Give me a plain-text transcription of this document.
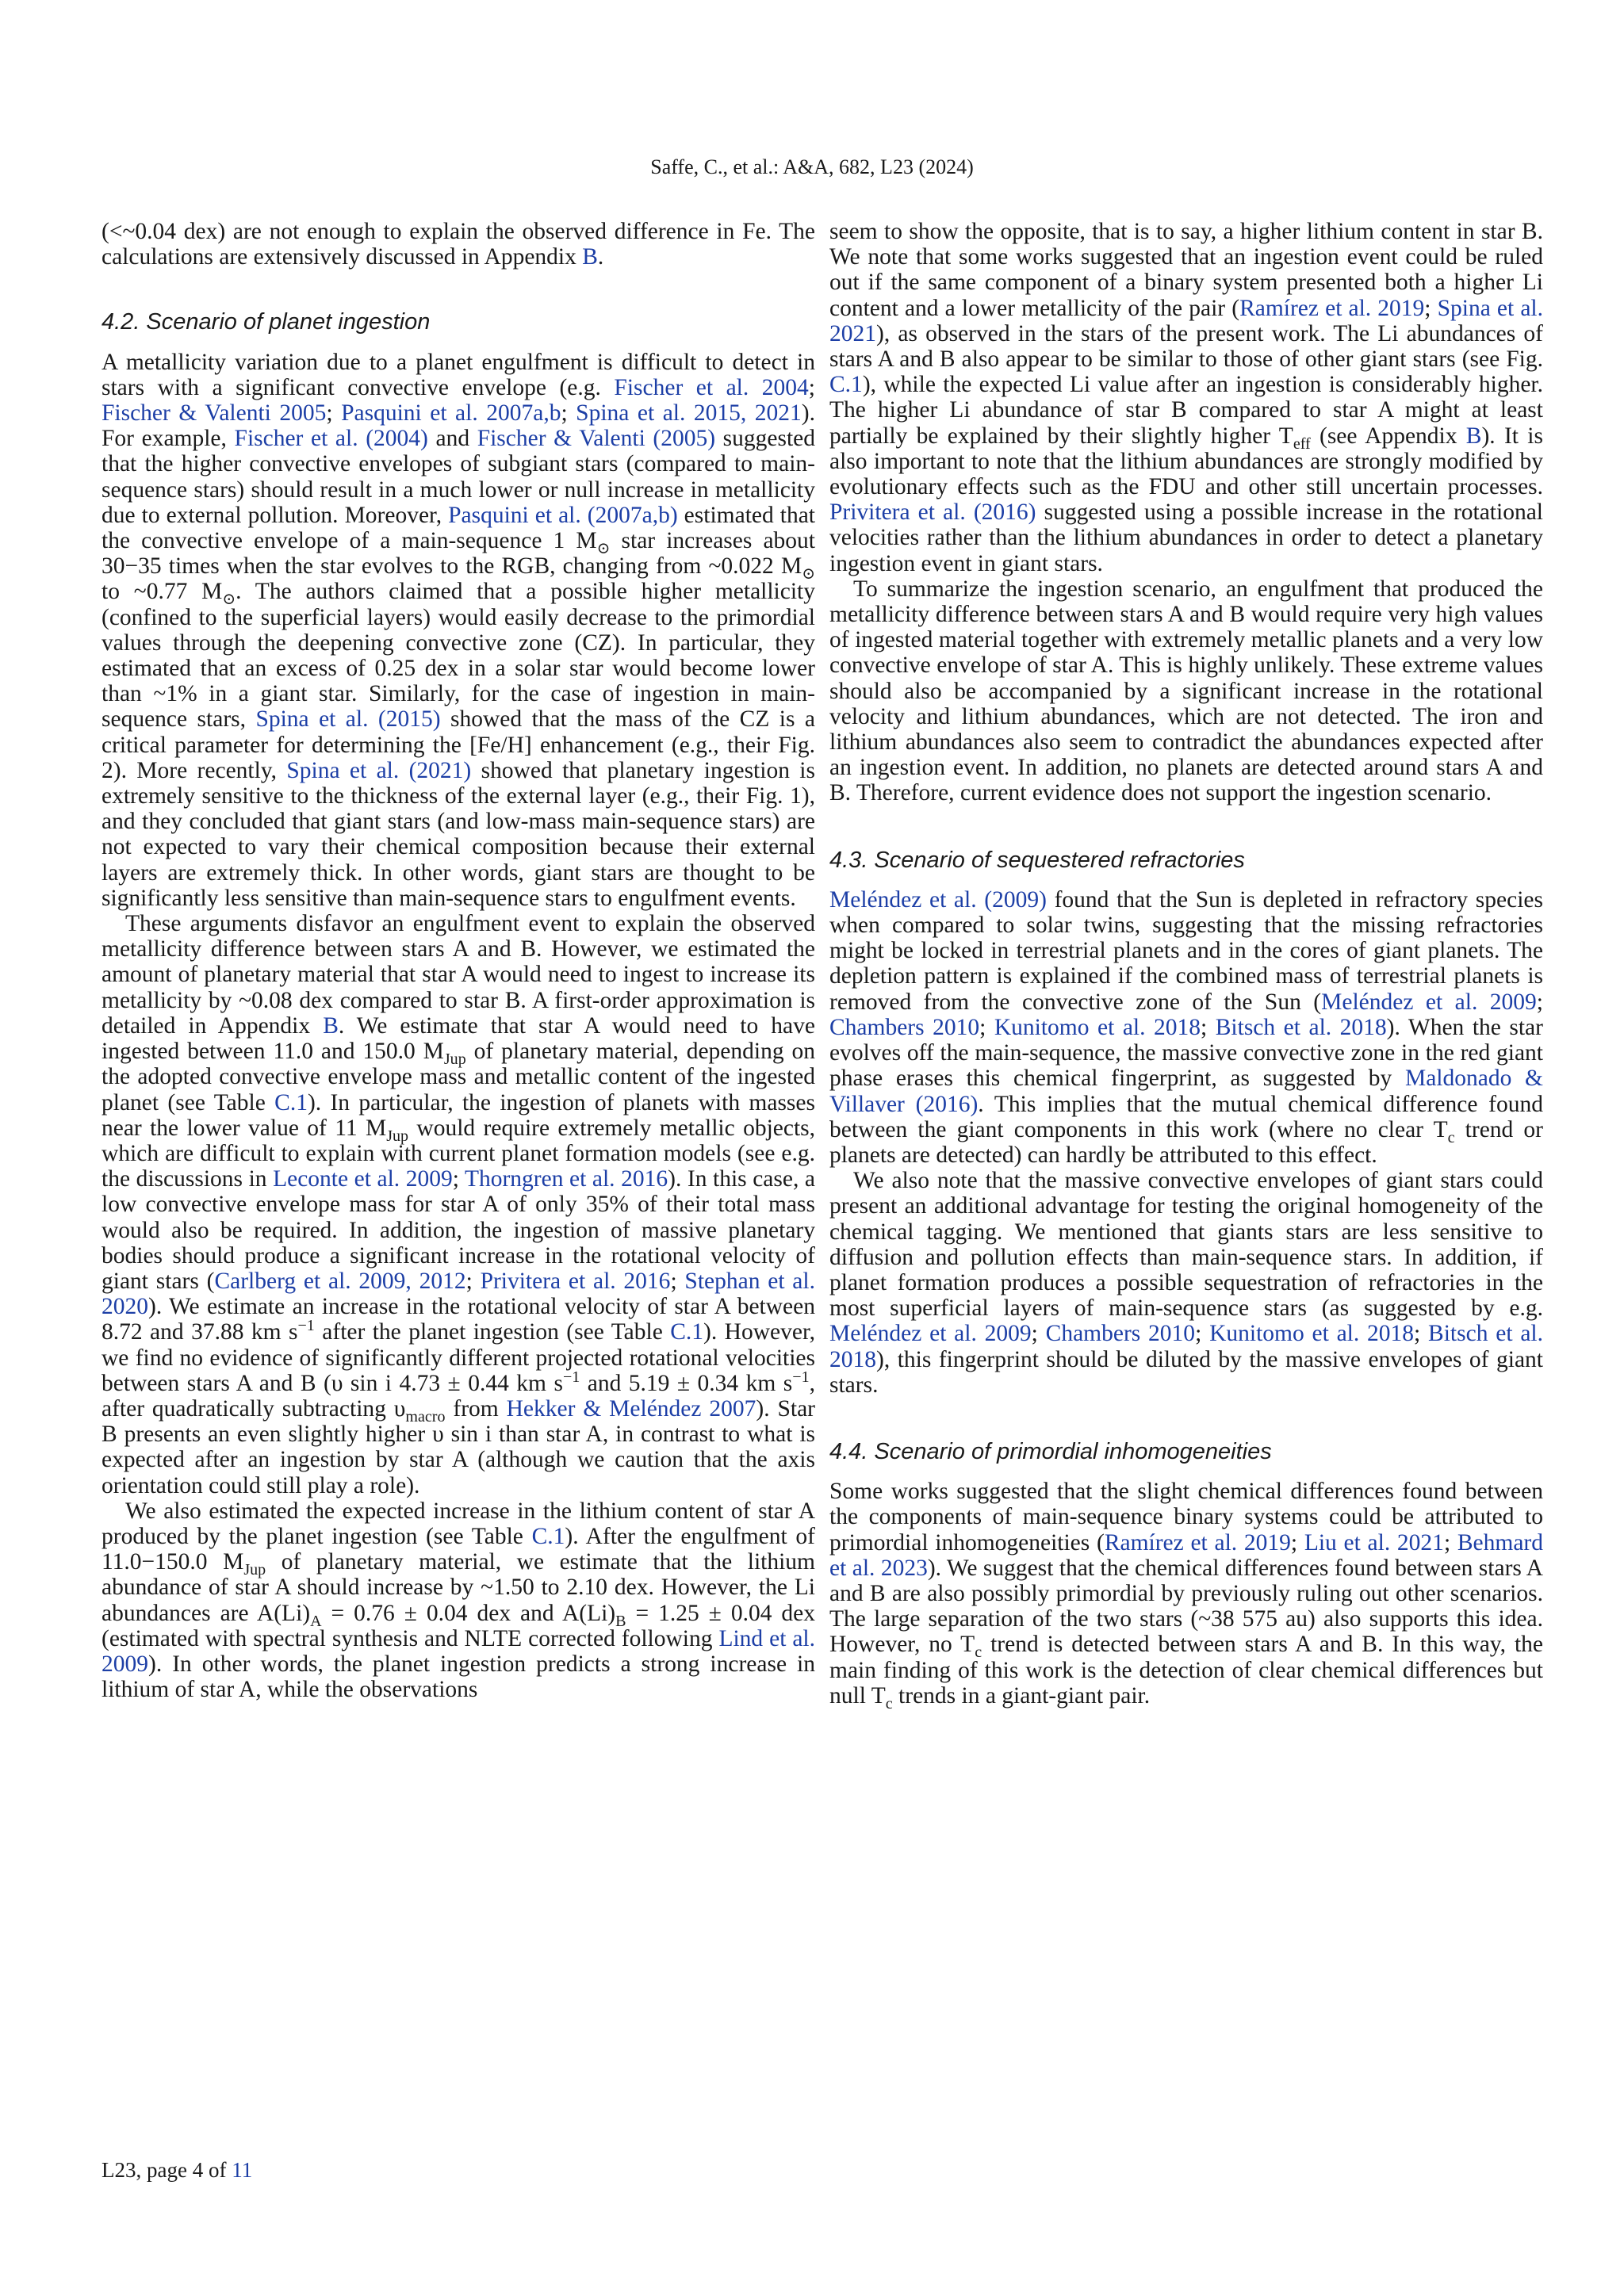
Saffe, C., et al.: A&A, 682, L23 (2024)

(<~0.04 dex) are not enough to explain the observed difference in Fe. The calculations are extensively discussed in Appendix B.

4.2. Scenario of planet ingestion

A metallicity variation due to a planet engulfment is difficult to detect in stars with a significant convective envelope (e.g. Fischer et al. 2004; Fischer & Valenti 2005; Pasquini et al. 2007a,b; Spina et al. 2015, 2021). For example, Fischer et al. (2004) and Fischer & Valenti (2005) suggested that the higher convective envelopes of subgiant stars (compared to main-sequence stars) should result in a much lower or null increase in metallicity due to external pollution. Moreover, Pasquini et al. (2007a,b) estimated that the convective envelope of a main-sequence 1 $M_⊙$ star increases about 30−35 times when the star evolves to the RGB, changing from ~0.022 $M_⊙$ to ~0.77 $M_⊙$. The authors claimed that a possible higher metallicity (confined to the superficial layers) would easily decrease to the primordial values through the deepening convective zone (CZ). In particular, they estimated that an excess of 0.25 dex in a solar star would become lower than ~1% in a giant star. Similarly, for the case of ingestion in main-sequence stars, Spina et al. (2015) showed that the mass of the CZ is a critical parameter for determining the [Fe/H] enhancement (e.g., their Fig. 2). More recently, Spina et al. (2021) showed that planetary ingestion is extremely sensitive to the thickness of the external layer (e.g., their Fig. 1), and they concluded that giant stars (and low-mass main-sequence stars) are not expected to vary their chemical composition because their external layers are extremely thick. In other words, giant stars are thought to be significantly less sensitive than main-sequence stars to engulfment events.

These arguments disfavor an engulfment event to explain the observed metallicity difference between stars A and B. However, we estimated the amount of planetary material that star A would need to ingest to increase its metallicity by ~0.08 dex compared to star B. A first-order approximation is detailed in Appendix B. We estimate that star A would need to have ingested between 11.0 and 150.0 $M_{Jup}$ of planetary material, depending on the adopted convective envelope mass and metallic content of the ingested planet (see Table C.1). In particular, the ingestion of planets with masses near the lower value of 11 $M_{Jup}$ would require extremely metallic objects, which are difficult to explain with current planet formation models (see e.g. the discussions in Leconte et al. 2009; Thorngren et al. 2016). In this case, a low convective envelope mass for star A of only 35% of their total mass would also be required. In addition, the ingestion of massive planetary bodies should produce a significant increase in the rotational velocity of giant stars (Carlberg et al. 2009, 2012; Privitera et al. 2016; Stephan et al. 2020). We estimate an increase in the rotational velocity of star A between 8.72 and 37.88 km $s^{-1}$ after the planet ingestion (see Table C.1). However, we find no evidence of significantly different projected rotational velocities between stars A and B (υ sin i 4.73 ± 0.44 km $s^{-1}$ and 5.19 ± 0.34 km $s^{-1}$, after quadratically subtracting $\upsilon_{macro}$ from Hekker & Meléndez 2007). Star B presents an even slightly higher υ sin i than star A, in contrast to what is expected after an ingestion by star A (although we caution that the axis orientation could still play a role).

We also estimated the expected increase in the lithium content of star A produced by the planet ingestion (see Table C.1). After the engulfment of 11.0−150.0 $M_{Jup}$ of planetary material, we estimate that the lithium abundance of star A should increase by ~1.50 to 2.10 dex. However, the Li abundances are $A(Li)_A = 0.76 \pm 0.04$ dex and $A(Li)_B = 1.25 \pm 0.04$ dex (estimated with spectral synthesis and NLTE corrected following Lind et al. 2009). In other words, the planet ingestion predicts a strong increase in lithium of star A, while the observations

seem to show the opposite, that is to say, a higher lithium content in star B. We note that some works suggested that an ingestion event could be ruled out if the same component of a binary system presented both a higher Li content and a lower metallicity of the pair (Ramírez et al. 2019; Spina et al. 2021), as observed in the stars of the present work. The Li abundances of stars A and B also appear to be similar to those of other giant stars (see Fig. C.1), while the expected Li value after an ingestion is considerably higher. The higher Li abundance of star B compared to star A might at least partially be explained by their slightly higher $T_{eff}$ (see Appendix B). It is also important to note that the lithium abundances are strongly modified by evolutionary effects such as the FDU and other still uncertain processes. Privitera et al. (2016) suggested using a possible increase in the rotational velocities rather than the lithium abundances in order to detect a planetary ingestion event in giant stars.

To summarize the ingestion scenario, an engulfment that produced the metallicity difference between stars A and B would require very high values of ingested material together with extremely metallic planets and a very low convective envelope of star A. This is highly unlikely. These extreme values should also be accompanied by a significant increase in the rotational velocity and lithium abundances, which are not detected. The iron and lithium abundances also seem to contradict the abundances expected after an ingestion event. In addition, no planets are detected around stars A and B. Therefore, current evidence does not support the ingestion scenario.

4.3. Scenario of sequestered refractories

Meléndez et al. (2009) found that the Sun is depleted in refractory species when compared to solar twins, suggesting that the missing refractories might be locked in terrestrial planets and in the cores of giant planets. The depletion pattern is explained if the combined mass of terrestrial planets is removed from the convective zone of the Sun (Meléndez et al. 2009; Chambers 2010; Kunitomo et al. 2018; Bitsch et al. 2018). When the star evolves off the main-sequence, the massive convective zone in the red giant phase erases this chemical fingerprint, as suggested by Maldonado & Villaver (2016). This implies that the mutual chemical difference found between the giant components in this work (where no clear $T_c$ trend or planets are detected) can hardly be attributed to this effect.

We also note that the massive convective envelopes of giant stars could present an additional advantage for testing the original homogeneity of the chemical tagging. We mentioned that giants stars are less sensitive to diffusion and pollution effects than main-sequence stars. In addition, if planet formation produces a possible sequestration of refractories in the most superficial layers of main-sequence stars (as suggested by e.g. Meléndez et al. 2009; Chambers 2010; Kunitomo et al. 2018; Bitsch et al. 2018), this fingerprint should be diluted by the massive envelopes of giant stars.

4.4. Scenario of primordial inhomogeneities

Some works suggested that the slight chemical differences found between the components of main-sequence binary systems could be attributed to primordial inhomogeneities (Ramírez et al. 2019; Liu et al. 2021; Behmard et al. 2023). We suggest that the chemical differences found between stars A and B are also possibly primordial by previously ruling out other scenarios. The large separation of the two stars (~38 575 au) also supports this idea. However, no $T_c$ trend is detected between stars A and B. In this way, the main finding of this work is the detection of clear chemical differences but null $T_c$ trends in a giant-giant pair.

L23, page 4 of 11
